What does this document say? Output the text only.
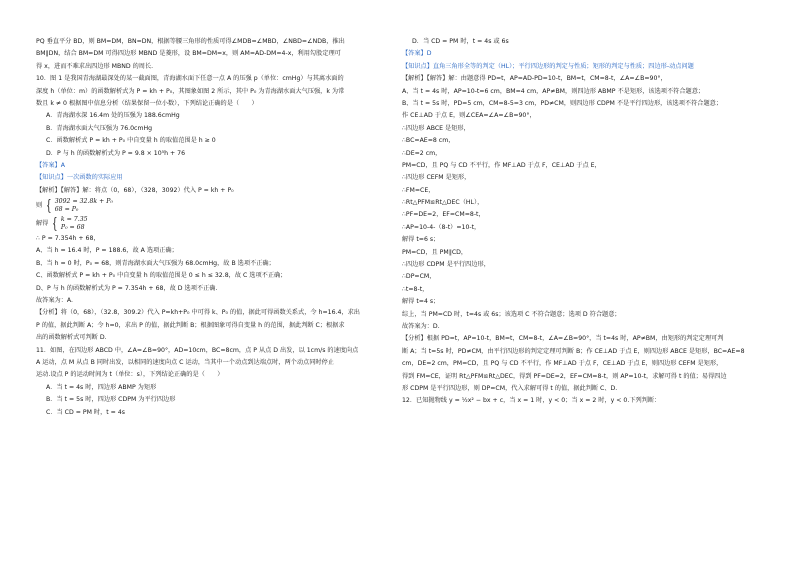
PQ 垂直平分 BD，则 BM=DM，BN=DN，根据等腰三角形的性质可得∠MDB=∠MBD，∠NBD=∠NDB，推出
BM∥DN，结合 BM=DM 可得四边形 MBND 是菱形，设 BM=DM=x，则 AM=AD-DM=4-x，利用勾股定理可
得 x，进而不难求出四边形 MBND 的周长.
10．图 1 是我国青海湖最深处的某一截面图，青海湖水面下任意一点 A 的压强 p（单位：cmHg）与其离水面的
深度 h（单位：m）的函数解析式为 P = kh + P₀，其图象如图 2 所示，其中 P₀ 为青海湖水面大气压强，k 为常
数且 k ≠ 0 根据图中信息分析（结果保留一位小数），下列结论正确的是（　　）
A．青海湖水深 16.4m 处的压强为 188.6cmHg
B．青海湖水面大气压强为 76.0cmHg
C．函数解析式 P = kh + P₀ 中自变量 h 的取值范围是 h ≥ 0
D．P 与 h 的函数解析式为 P = 9.8 × 10⁵h + 76
【答案】A
【知识点】一次函数的实际应用
【解析】【解答】解：将点（0，68），（328，3092）代入 P = kh + P₀
则 { 3092 = 32.8k + P₀
68 = P₀
解得 { k = 7.35
P₀ = 68
∴ P = 7.354h + 68，
A、当 h = 16.4 时，P = 188.6，故 A 选项正确；
B、当 h = 0 时，P₀ = 68，则青海湖水面大气压强为 68.0cmHg，故 B 选项不正确；
C、函数解析式 P = kh + P₀ 中自变量 h 的取值范围是 0 ≤ h ≤ 32.8，故 C 选项不正确；
D、P 与 h 的函数解析式为 P = 7.354h + 68，故 D 选项不正确.
故答案为：A.
【分析】将（0，68），（32.8，309.2）代入 P=kh+P₀ 中可得 k、P₀ 的值，据此可得函数关系式，令 h=16.4，求出
P 的值，据此判断 A；令 h=0，求出 P 的值，据此判断 B；根据图象可得自变量 h 的范围，据此判断 C；根据求
出的函数解析式可判断 D.
11．如图，在四边形 ABCD 中，∠A=∠B=90°，AD=10cm，BC=8cm，点 P 从点 D 出发，以 1cm/s 的速度向点
A 运动，点 M 从点 B 同时出发，以相同的速度向点 C 运动，当其中一个动点到达端点时，两个动点同时停止
运动.设点 P 的运动时间为 t（单位：s），下列结论正确的是（　　）
A．当 t = 4s 时，四边形 ABMP 为矩形
B．当 t = 5s 时，四边形 CDPM 为平行四边形
C．当 CD = PM 时，t = 4s
D．当 CD = PM 时，t = 4s 或 6s
【答案】D
【知识点】直角三角形全等的判定（HL）；平行四边形的判定与性质；矩形的判定与性质；四边形-动点问题
【解析】【解答】解：由题意得 PD=t，AP=AD-PD=10-t，BM=t，CM=8-t，∠A=∠B=90°，
A、当 t = 4s 时，AP=10-t=6 cm，BM=4 cm，AP≠BM，则四边形 ABMP 不是矩形，该选项不符合题意；
B、当 t = 5s 时，PD=5 cm，CM=8-5=3 cm，PD≠CM，则四边形 CDPM 不是平行四边形，该选项不符合题意；
作 CE⊥AD 于点 E，则∠CEA=∠A=∠B=90°，
∴四边形 ABCE 是矩形，
∴BC=AE=8 cm，
∴DE=2 cm，
PM=CD，且 PQ 与 CD 不平行，作 MF⊥AD 于点 F，CE⊥AD 于点 E，
∴四边形 CEFM 是矩形，
∴FM=CE，
∴Rt△PFM≌Rt△DEC（HL），
∴PF=DE=2，EF=CM=8-t，
∴AP=10-4-（8-t）=10-t，
解得 t=6 s；
PM=CD，且 PM∥CD，
∴四边形 CDPM 是平行四边形，
∴DP=CM，
∴t=8-t，
解得 t=4 s；
综上，当 PM=CD 时，t=4s 或 6s；该选项 C 不符合题意；选项 D 符合题意；
故答案为：D.
【分析】根据 PD=t，AP=10-t，BM=t，CM=8-t，∠A=∠B=90°，当 t=4s 时，AP≠BM，由矩形的判定定理可判
断 A；当 t=5s 时，PD≠CM，由平行四边形的判定定理可判断 B；作 CE⊥AD 于点 E，则四边形 ABCE 是矩形，BC=AE=8
cm，DE=2 cm，PM=CD，且 PQ 与 CD 不平行，作 MF⊥AD 于点 F，CE⊥AD 于点 E，则四边形 CEFM 是矩形，
得到 FM=CE，证明 Rt△PFM≌Rt△DEC，得到 PF=DE=2，EF=CM=8-t，则 AP=10-t，求解可得 t 的值；易得四边
形 CDPM 是平行四边形，则 DP=CM，代入求解可得 t 的值，据此判断 C、D.
12．已知抛物线 y = ½x² − bx + c，当 x = 1 时，y < 0；当 x = 2 时，y < 0.下列判断：
